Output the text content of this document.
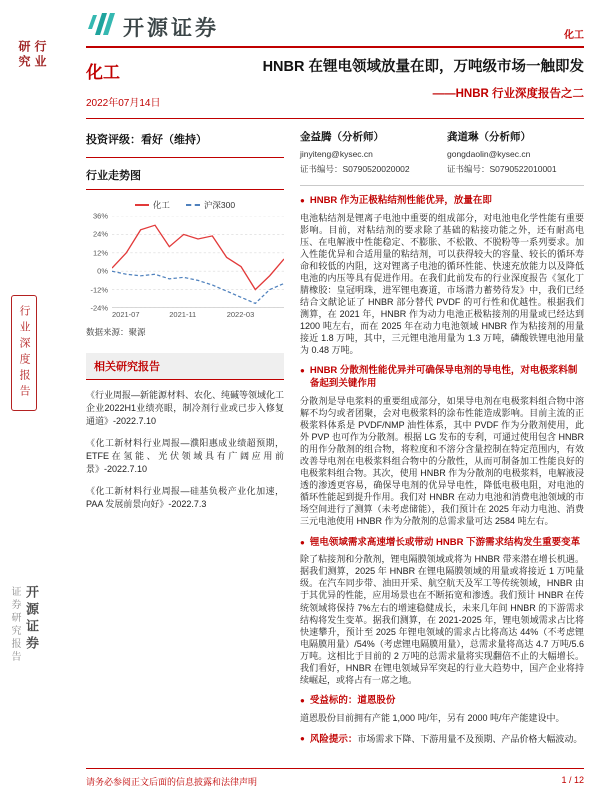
行业研究
行业深度报告
开源证券
证券研究报告
开源证券	化工
化工
2022年07月14日
HNBR 在锂电领域放量在即，万吨级市场一触即发
——HNBR 行业深度报告之二
投资评级：看好（维持）
行业走势图
化工	沪深300
36%
24%
12%
0%
-12%
-24%
2021-07	2021-11	2022-03
数据来源：聚源
相关研究报告
《行业周报—新能源材料、农化、纯碱等领域化工企业2022H1业绩亮眼，制冷剂行业或已步入修复通道》-2022.7.10
《化工新材料行业周报—濮阳惠成业绩超预期，ETFE在氢能、光伏领域具有广阔应用前景》-2022.7.10
《化工新材料行业周报—硅基负极产业化加速，PAA 发展前景向好》-2022.7.3
金益腾（分析师）
jinyiteng@kysec.cn
证书编号：S0790520020002
龚道琳（分析师）
gongdaolin@kysec.cn
证书编号：S0790522010001
● HNBR 作为正极粘结剂性能优异，放量在即
电池粘结剂是锂离子电池中重要的组成部分，对电池电化学性能有重要影响。目前，对粘结剂的要求除了基础的粘接功能之外，还有耐高电压、在电解液中性能稳定、不膨胀、不松散、不脱粉等一系列要求。加入性能优异和合适用量的粘结剂，可以获得较大的容量、较长的循环寿命和较低的内阻，这对锂离子电池的循环性能、快速充放能力以及降低电池的内压等具有促进作用。在我们此前发布的行业深度报告《氢化丁腈橡胶：皇冠明珠，进军锂电赛道，市场潜力蓄势待发》中，我们已经结合文献论证了 HNBR 部分替代 PVDF 的可行性和优越性。根据我们测算，在 2021 年，HNBR 作为动力电池正极粘接剂的用量或已经达到 1200 吨左右，而在 2025 年在动力电池领域 HNBR 作为粘接剂的用量接近 1.8 万吨，其中，三元锂电池用量为 1.3 万吨，磷酸铁锂电池用量为 0.48 万吨。
● HNBR 分散剂性能优异并可确保导电剂的导电性，对电极浆料制备起到关键作用
分散剂是导电浆料的重要组成部分，如果导电剂在电极浆料组合物中溶解不均匀或者团聚，会对电极浆料的涂布性能造成影响。目前主流的正极浆料体系是 PVDF/NMP 油性体系，其中 PVDF 作为分散剂使用，此外 PVP 也可作为分散剂。根据 LG 发布的专利，可通过使用包含 HNBR 的用作分散剂的组合物，将粒度和不溶分含量控制在特定范围内，有效改善导电剂在电极浆料组合物中的分散性，从而可制备加工性能良好的电极浆料组合物。其次，使用 HNBR 作为分散剂的电极浆料，电解液浸透的渗透更容易，确保导电剂的优异导电性，降低电极电阻，对电池的循环性能起到提升作用。我们对 HNBR 在动力电池和消费电池领域的市场空间进行了测算（未考虑储能），我们预计在 2025 年动力电池、消费三元电池使用 HNBR 作为分散剂的总需求量可达 2584 吨左右。
● 锂电领域需求高速增长或带动 HNBR 下游需求结构发生重要变革
除了粘接剂和分散剂，锂电隔膜领域或将为 HNBR 带来潜在增长机遇。据我们测算，2025 年 HNBR 在锂电隔膜领域的用量或将接近 1 万吨量级。在汽车同步带、油田开采、航空航天及军工等传统领域，HNBR 由于其优异的性能，应用场景也在不断拓宽和渗透。我们预计 HNBR 在传统领域将保持 7%左右的增速稳健成长，未来几年间 HNBR 的下游需求结构将发生变革。据我们测算，在 2021-2025 年，锂电领域需求占比将快速攀升，预计至 2025 年锂电领域的需求占比将高达 44%（不考虑锂电隔膜用量）/54%（考虑锂电隔膜用量），总需求量将高达 4.7 万吨/5.6 万吨。这相比于目前的 2 万吨的总需求量将实现翻倍不止的大幅增长。我们看好，HNBR 在锂电领域异军突起的行业大趋势中，国产企业将持续崛起，或将占有一席之地。
● 受益标的：道恩股份
道恩股份目前拥有产能 1,000 吨/年，另有 2000 吨/年产能建设中。
● 风险提示：市场需求下降、下游用量不及预期、产品价格大幅波动。
请务必参阅正文后面的信息披露和法律声明	1 / 12
